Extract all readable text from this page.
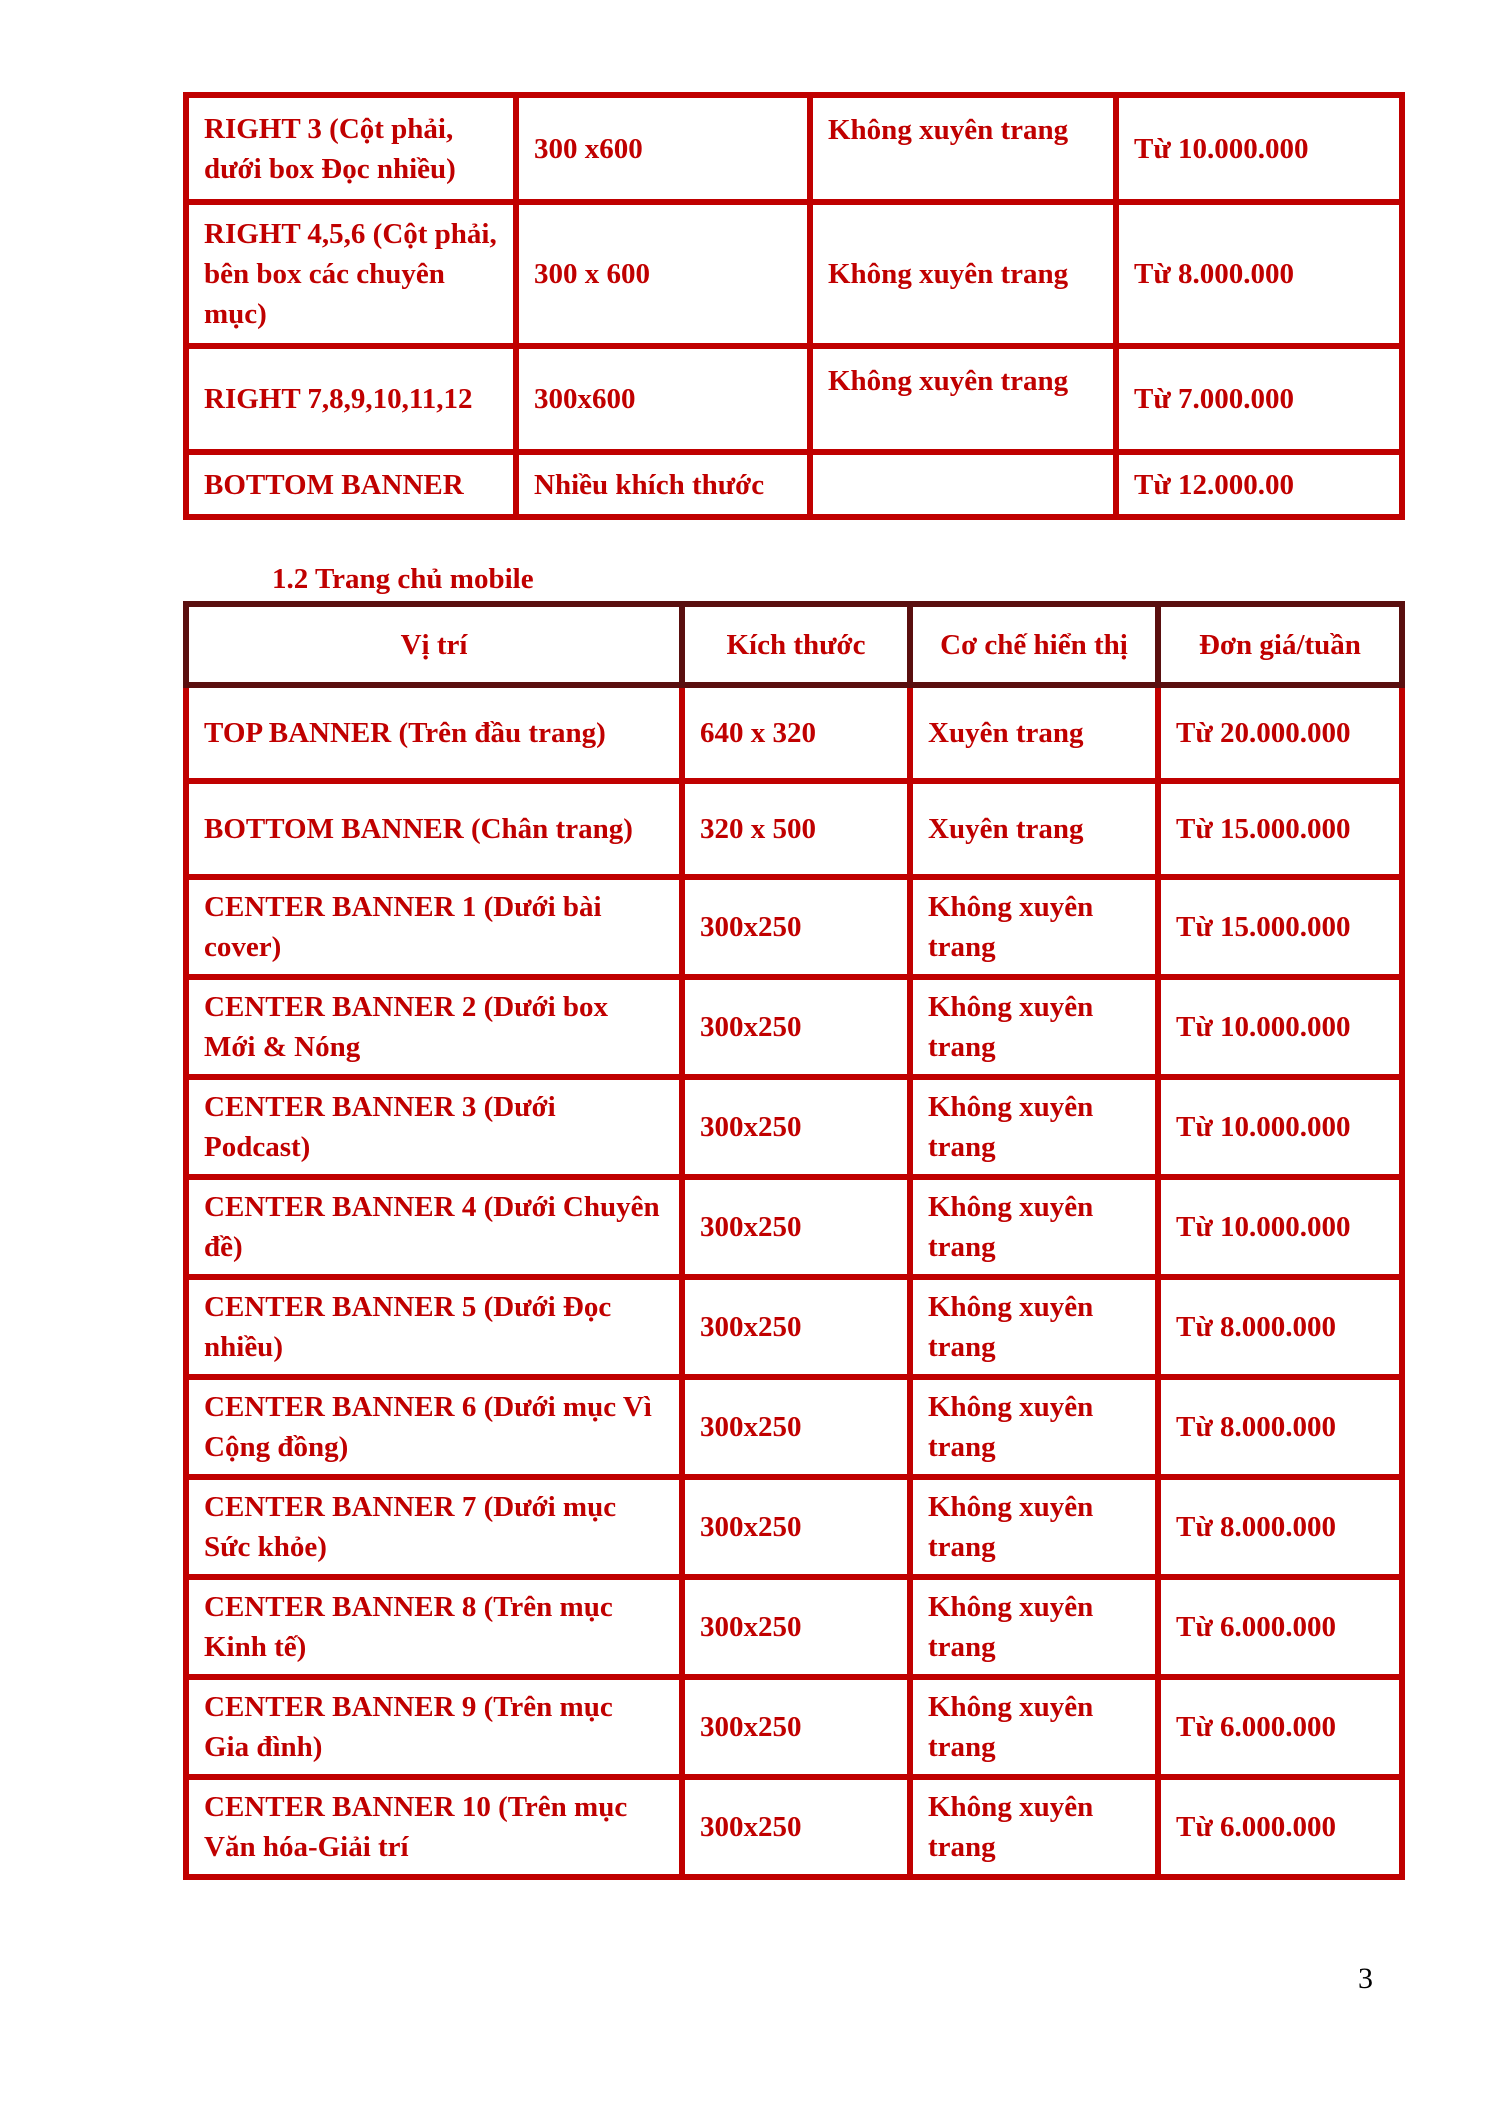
RIGHT 3 (Cột phải, dưới box Đọc nhiều)	300 x600	Không xuyên trang	Từ 10.000.000
RIGHT 4,5,6 (Cột phải, bên box các chuyên mục)	300 x 600	Không xuyên trang	Từ 8.000.000
RIGHT 7,8,9,10,11,12	300x600	Không xuyên trang	Từ 7.000.000
BOTTOM BANNER	Nhiều khích thước		Từ 12.000.00
1.2 Trang chủ mobile
Vị trí	Kích thước	Cơ chế hiển thị	Đơn giá/tuần
TOP BANNER (Trên đầu trang)	640 x 320	Xuyên trang	Từ 20.000.000
BOTTOM BANNER (Chân trang)	320 x 500	Xuyên trang	Từ 15.000.000
CENTER BANNER 1 (Dưới bài cover)	300x250	Không xuyên trang	Từ 15.000.000
CENTER BANNER 2 (Dưới box Mới & Nóng	300x250	Không xuyên trang	Từ 10.000.000
CENTER BANNER 3 (Dưới Podcast)	300x250	Không xuyên trang	Từ 10.000.000
CENTER BANNER 4 (Dưới Chuyên đề)	300x250	Không xuyên trang	Từ 10.000.000
CENTER BANNER 5 (Dưới Đọc nhiều)	300x250	Không xuyên trang	Từ 8.000.000
CENTER BANNER 6 (Dưới mục Vì Cộng đồng)	300x250	Không xuyên trang	Từ 8.000.000
CENTER BANNER 7 (Dưới mục Sức khỏe)	300x250	Không xuyên trang	Từ 8.000.000
CENTER BANNER 8 (Trên mục Kinh tế)	300x250	Không xuyên trang	Từ 6.000.000
CENTER BANNER 9 (Trên mục Gia đình)	300x250	Không xuyên trang	Từ 6.000.000
CENTER BANNER 10 (Trên mục Văn hóa-Giải trí	300x250	Không xuyên trang	Từ 6.000.000
3
